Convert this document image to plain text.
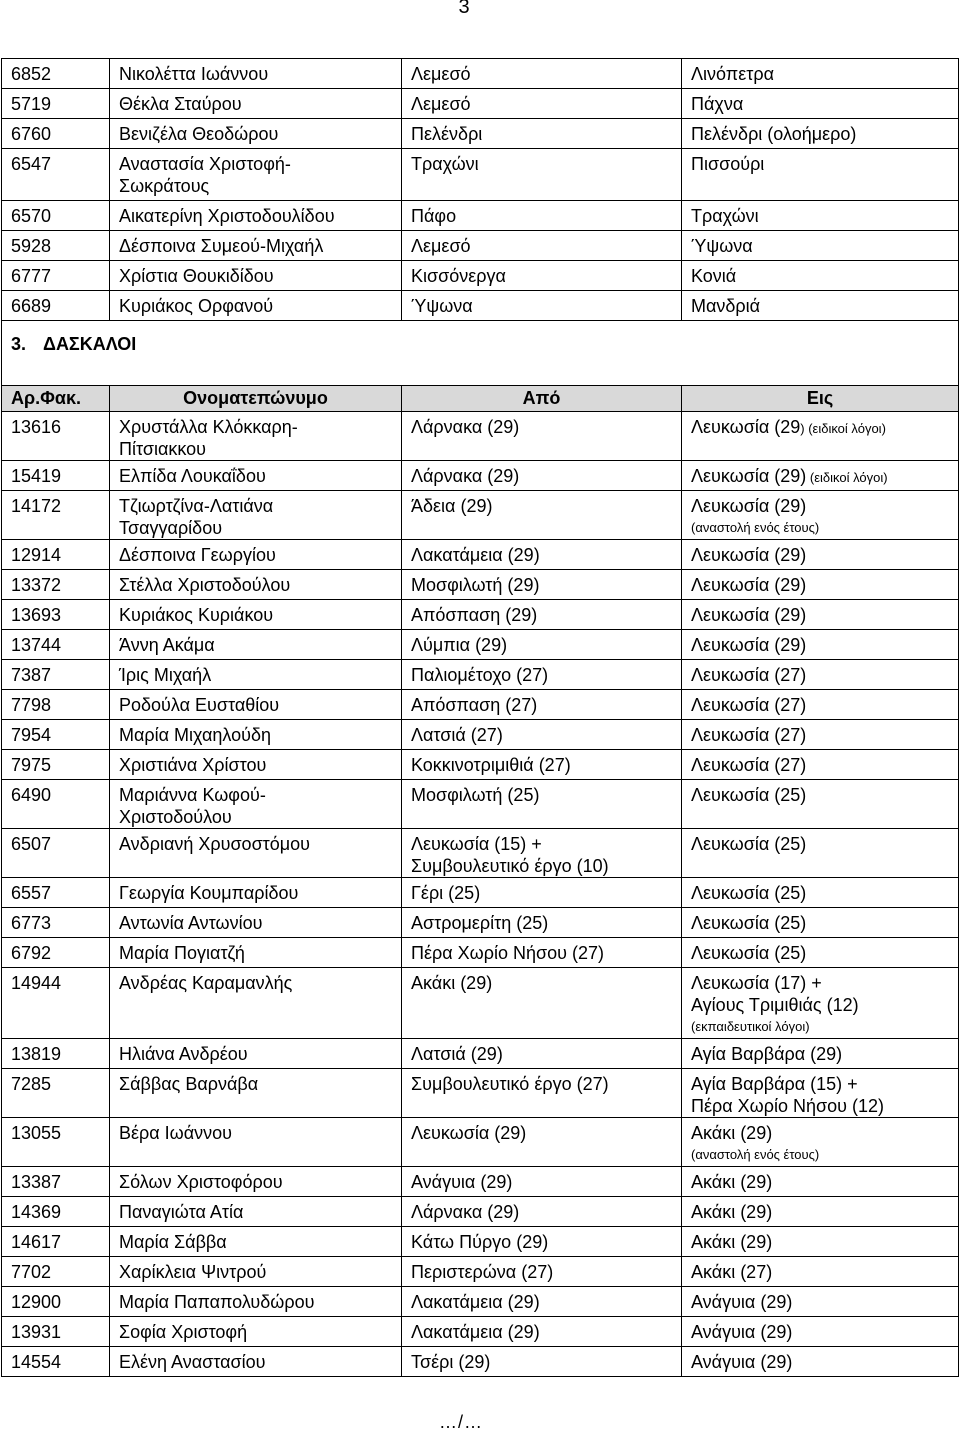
3
6852	Νικολέττα Ιωάννου	Λεμεσό	Λινόπετρα
5719	Θέκλα Σταύρου	Λεμεσό	Πάχνα
6760	Βενιζέλα Θεοδώρου	Πελένδρι	Πελένδρι (ολοήμερο)
6547	Αναστασία Χριστοφή-
Σωκράτους	Τραχώνι	Πισσούρι
6570	Αικατερίνη Χριστοδουλίδου	Πάφο	Τραχώνι
5928	Δέσποινα Συμεού-Μιχαήλ	Λεμεσό	Ύψωνα
6777	Χρίστια Θουκιδίδου	Κισσόνεργα	Κονιά
6689	Κυριάκος Ορφανού	Ύψωνα	Μανδριά
3. ΔΑΣΚΑΛΟΙ			
Αρ.Φακ.	Ονοματεπώνυμο	Από	Εις
13616	Χρυστάλλα Κλόκκαρη-
Πίτσιακκου	Λάρνακα (29)	Λευκωσία (29) (ειδικοί λόγοι)
15419	Ελπίδα Λουκαΐδου	Λάρνακα (29)	Λευκωσία (29) (ειδικοί λόγοι)
14172	Τζιωρτζίνα-Λατιάνα
Τσαγγαρίδου	Άδεια (29)	Λευκωσία (29)
(αναστολή ενός έτους)

12914	Δέσποινα Γεωργίου	Λακατάμεια (29)	Λευκωσία (29)
13372	Στέλλα Χριστοδούλου	Μοσφιλωτή (29)	Λευκωσία (29)
13693	Κυριάκος Κυριάκου	Απόσπαση (29)	Λευκωσία (29)
13744	Άννη Ακάμα	Λύμπια (29)	Λευκωσία (29)
7387	Ίρις Μιχαήλ	Παλιομέτοχο (27)	Λευκωσία (27)
7798	Ροδούλα Ευσταθίου	Απόσπαση (27)	Λευκωσία (27)
7954	Μαρία Μιχαηλούδη	Λατσιά (27)	Λευκωσία (27)
7975	Χριστιάνα Χρίστου	Κοκκινοτριμιθιά (27)	Λευκωσία (27)
6490	Μαριάννα Κωφού-
Χριστοδούλου	Μοσφιλωτή (25)	Λευκωσία (25)
6507	Ανδριανή Χρυσοστόμου	Λευκωσία (15) +
Συμβουλευτικό έργο (10)	Λευκωσία (25)
6557	Γεωργία Κουμπαρίδου	Γέρι (25)	Λευκωσία (25)
6773	Αντωνία Αντωνίου	Αστρομερίτη (25)	Λευκωσία (25)
6792	Μαρία Πογιατζή	Πέρα Χωρίο Νήσου (27)	Λευκωσία (25)
14944	Ανδρέας Καραμανλής	Ακάκι (29)	Λευκωσία (17) +
Αγίους Τριμιθιάς (12)
(εκπαιδευτικοί λόγοι)

13819	Ηλιάνα Ανδρέου	Λατσιά (29)	Αγία Βαρβάρα (29)
7285	Σάββας Βαρνάβα	Συμβουλευτικό έργο (27)	Αγία Βαρβάρα (15) +
Πέρα Χωρίο Νήσου (12)
13055	Βέρα Ιωάννου	Λευκωσία (29)	Ακάκι (29)
(αναστολή ενός έτους)

13387	Σόλων Χριστοφόρου	Ανάγυια (29)	Ακάκι (29)
14369	Παναγιώτα Ατία	Λάρνακα (29)	Ακάκι (29)
14617	Μαρία Σάββα	Κάτω Πύργο (29)	Ακάκι (29)
7702	Χαρίκλεια Ψιντρού	Περιστερώνα (27)	Ακάκι (27)
12900	Μαρία Παπαπολυδώρου	Λακατάμεια (29)	Ανάγυια (29)
13931	Σοφία Χριστοφή	Λακατάμεια (29)	Ανάγυια (29)
14554	Ελένη Αναστασίου	Τσέρι (29)	Ανάγυια (29)
…/…
